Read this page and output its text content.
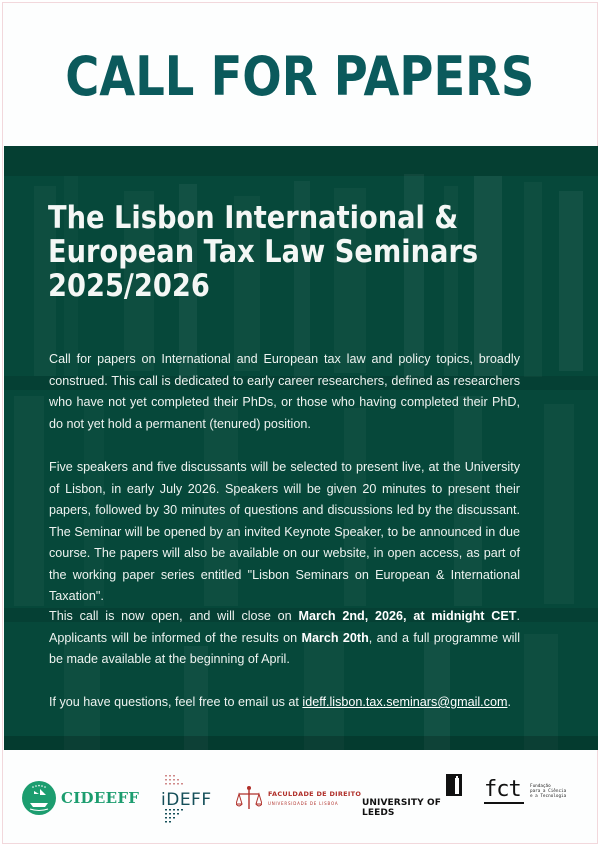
CALL FOR PAPERS
The Lisbon International &
European Tax Law Seminars
2025/2026

Call for papers on International and European tax law and policy topics, broadly construed. This call is dedicated to early career researchers, defined as researchers who have not yet completed their PhDs, or those who having completed their PhD, do not yet hold a permanent (tenured) position.

Five speakers and five discussants will be selected to present live, at the University of Lisbon, in early July 2026. Speakers will be given 20 minutes to present their papers, followed by 30 minutes of questions and discussions led by the discussant. The Seminar will be opened by an invited Keynote Speaker, to be announced in due course. The papers will also be available on our website, in open access, as part of the working paper series entitled "Lisbon Seminars on European & International Taxation".

This call is now open, and will close on March 2nd, 2026, at midnight CET. Applicants will be informed of the results on March 20th, and a full programme will be made available at the beginning of April.

If you have questions, feel free to email us at ideff.lisbon.tax.seminars@gmail.com.

CIDEEFF iDEFF	FACULDADE DE DIREITO
UNIVERSIDADE DE LISBOA	UNIVERSITY OF LEEDS
fct	Fundação
para a Ciência
e a Tecnologia
